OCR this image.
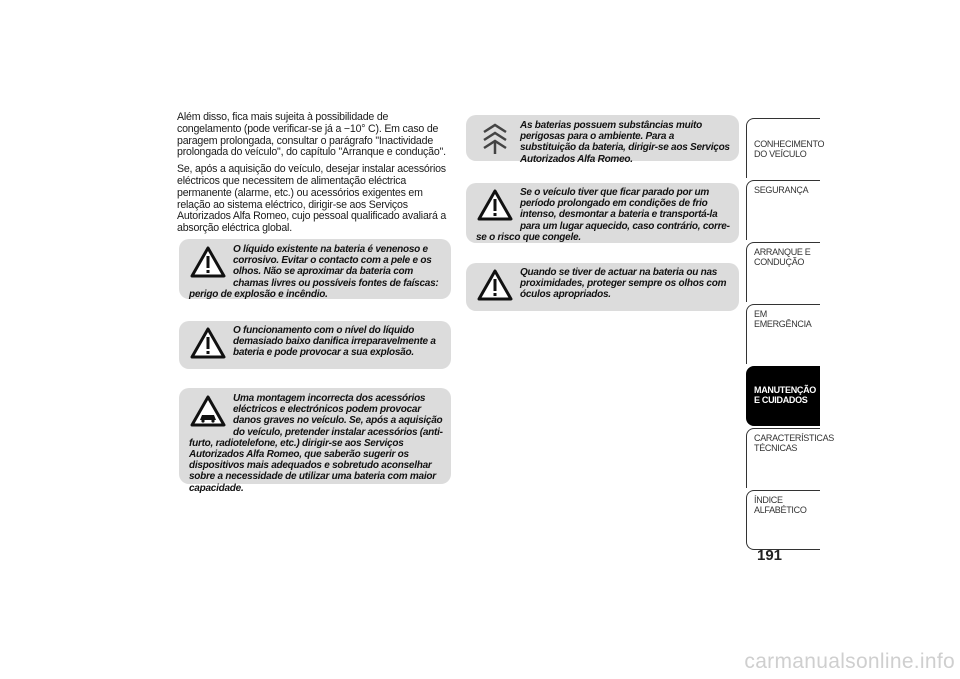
Além disso, fica mais sujeita à possibilidade de congelamento (pode verificar-se já a −10° C). Em caso de paragem prolongada, consultar o parágrafo "Inactividade prolongada do veículo", do capítulo "Arranque e condução".

Se, após a aquisição do veículo, desejar instalar acessórios eléctricos que necessitem de alimentação eléctrica permanente (alarme, etc.) ou acessórios exigentes em relação ao sistema eléctrico, dirigir-se aos Serviços Autorizados Alfa Romeo, cujo pessoal qualificado avaliará a absorção eléctrica global.

O líquido existente na bateria é venenoso e corrosivo. Evitar o contacto com a pele e os olhos. Não se aproximar da bateria com chamas livres ou possíveis fontes de faíscas: perigo de explosão e incêndio.
O funcionamento com o nível do líquido demasiado baixo danifica irreparavelmente a bateria e pode provocar a sua explosão.
Uma montagem incorrecta dos acessórios eléctricos e electrónicos podem provocar danos graves no veículo. Se, após a aquisição do veículo, pretender instalar acessórios (anti-furto, radiotelefone, etc.) dirigir-se aos Serviços Autorizados Alfa Romeo, que saberão sugerir os dispositivos mais adequados e sobretudo aconselhar sobre a necessidade de utilizar uma bateria com maior capacidade.
As baterias possuem substâncias muito perigosas para o ambiente. Para a substituição da bateria, dirigir-se aos Serviços Autorizados Alfa Romeo.
Se o veículo tiver que ficar parado por um período prolongado em condições de frio intenso, desmontar a bateria e transportá-la para um lugar aquecido, caso contrário, corre-se o risco que congele.
Quando se tiver de actuar na bateria ou nas proximidades, proteger sempre os olhos com óculos apropriados.
CONHECIMENTO DO VEÍCULO
SEGURANÇA
ARRANQUE E CONDUÇÃO
EM EMERGÊNCIA
MANUTENÇÃO E CUIDADOS
CARACTERÍSTICAS TÉCNICAS
ÍNDICE ALFABÉTICO
191
carmanualsonline.info
